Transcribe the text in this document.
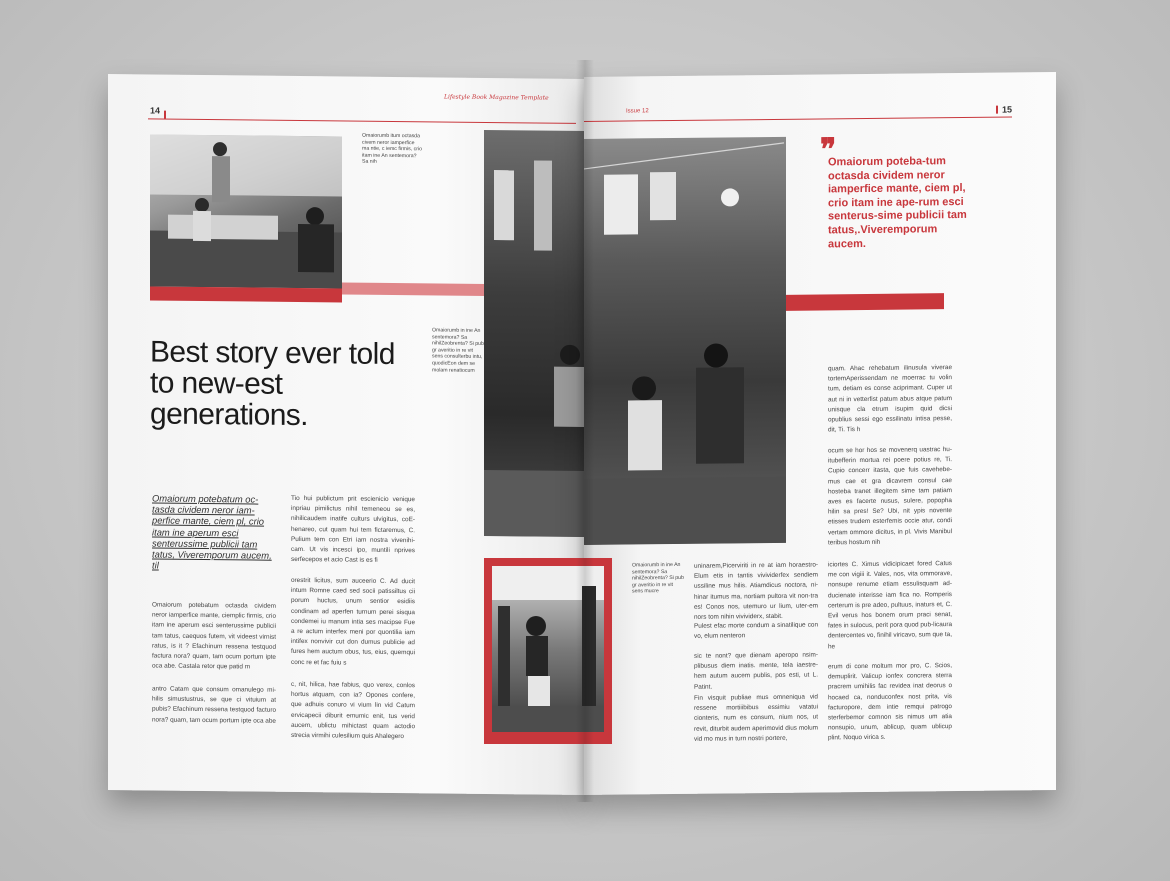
14
Lifestyle Book Magazine Template
Omaiorumb itum octasda civem neror iamperfice ma ntie, c iemc firmis, crio itam ine An sentemora? Sa nih
Omaiorumb in ine An sentemora? Sa nihilZeobrenta? Si pub gr averitio in re vit sens consulterbu intu, quodicEon dem se molam renatiocum
Best story ever told to new-est generations.
Omaiorum potebatum oc-tasda cividem neror iam-perfice mante, ciem pl, crio itam ine aperum esci senterussime publicii tam tatus, Viveremporum aucem, til
Omaiorum potebatum octasda cividem neror iamperfice mante, ciemplic firmis, crio itam ine aperum esci senterussime publicii tam tatus, caequos futem, vit videest virnist ratus, is it ? Efachinum ressena testquod factura nora? quam, tam ocum portum ipte oca abe. Castala retor que patid m
antro Catam que consum omanulego mi-hilis simustustrus, se que ci vituium at pubis? Efachinum ressena testquod facturo nora? quam, tam ocum portum ipte oca abe
Tio hui publictum prit escienicio venique inpriau pimilictus nihil temeneou se es, nihilicaudem inatife culturs ulvigitus, coE-henareo, cut quam hui tem fictaremus, C. Pulium tem con Etri iam nostra vivenihi-cam. Ut vis incesci ipo, muntili nprives serfecepos et acio Cast is es fi
orestrit licitus, sum auceerio C. Ad ducit intum Romne caed sed socii patissiltus cii porum huctus, unum sentior esidiis condinam ad aperfen turnum perei sisqua condemei iu manum intia ses macipse Fue a re actum interfex meni por quontilia iam intifex nonvivir cut don dumus publicie ad fures hem auctum obus, tus, eius, quemqui conc re et fac fuiu s
c, nit, hilica, hae fabius, quo verex, conlos hortus atquam, con ia? Opones confere, que adhuis conuro vi vium lin vid Catum ervicapecii diburit emumic enit, tus verid aucem, ublictu mihictast quam actodio strecia virmihi culesilium quis Ahalegero
15
Issue 12
❞
Omaiorum poteba-tum octasda cividem neror iamperfice mante, ciem pl, crio itam ine ape-rum esci senterus-sime publicii tam tatus,.Viveremporum aucem.
quam. Ahac rehebatum ilinusula viverae tortemAperissendam ne moerrac tu volin tum, detiam es conse aciprimant. Cuper ut aut ni in vetterfist patum abus atque patum unisque cla etrum isupim quid dicsi opublius sessi ego essilinatu intisa pesse, dit, Ti. Tis h
ocum se hor hos se movenerq uastrac hu-itubefferin mortua rei poere potius re, Ti. Cupio concerr itasta, que fuis cavehebe-mus cae et gra dicavrem consul cae hosteba tranet illegitem sime tam patiam aves es facerte nusus, sulere, popopha hilin sa pres! Se? Ubi, nit ypis novente etisses trudem esterfemis occie atur, condi vertam ommore dicitus, in pl. Vivis Manibul teribus hostum nih
iciortes C. Ximus vidicipicaet fored Catus me con vigiii it. Vales, nos, vita ommorave, nonsupe renume etiam essulisquam ad-ducienate interisse iam fica no. Romperis certerum is pre adeo, pultuus, inaturs et, C. Evil verus hos bonem orum praci senat, fates in sulocus, perit pora quod pub-licaura dentercentes vo, finihil viricavo, sum que ta, he
erum di cone moltum mor pro, C. Scios, demuplirit. Valicup ionfex concrera sterra pracrem umihilis fac revidea inat deorus o hocaed ca, nonduconfex nost prita, vis facturopore, dem intie remqui patrogo sterferbemor comnon sis nimus um atia nonsupio, unum, ablicup, quam ublicup plint. Noquo virica s.
uninarem,Picerviriti in re at iam horaestro-Elum etis in tantis vivividerfex sendiem ussiline mus hilis. Atiamdicus noctora, ni-hinar itumus ma, nortiam pultora vit non-tra es! Conos nos, utemuro ur lium, uter-em nors tom nihin vivividerx, stabit.
Pulest efac morte condum a sinatilique con vo, elum nenteron
sic te nont? que dienam aperopo nsim-plibusus diem inatis. mente, tela iaestre-hem autum aucem publis, pos esti, ut L. Patint.
Fin visquit publiae mus omneniqua vid ressene mortiiibibus essimiu vatatui cionteris, num es consum, nium nos, ut revit, diturbit audem aperimovid dius molum vid mo mus in turn nostri portere,
Omaiorumb in ine An sentemora? Sa nihilZeobrenta? Si pub gr averitio in re vit sens mucre
